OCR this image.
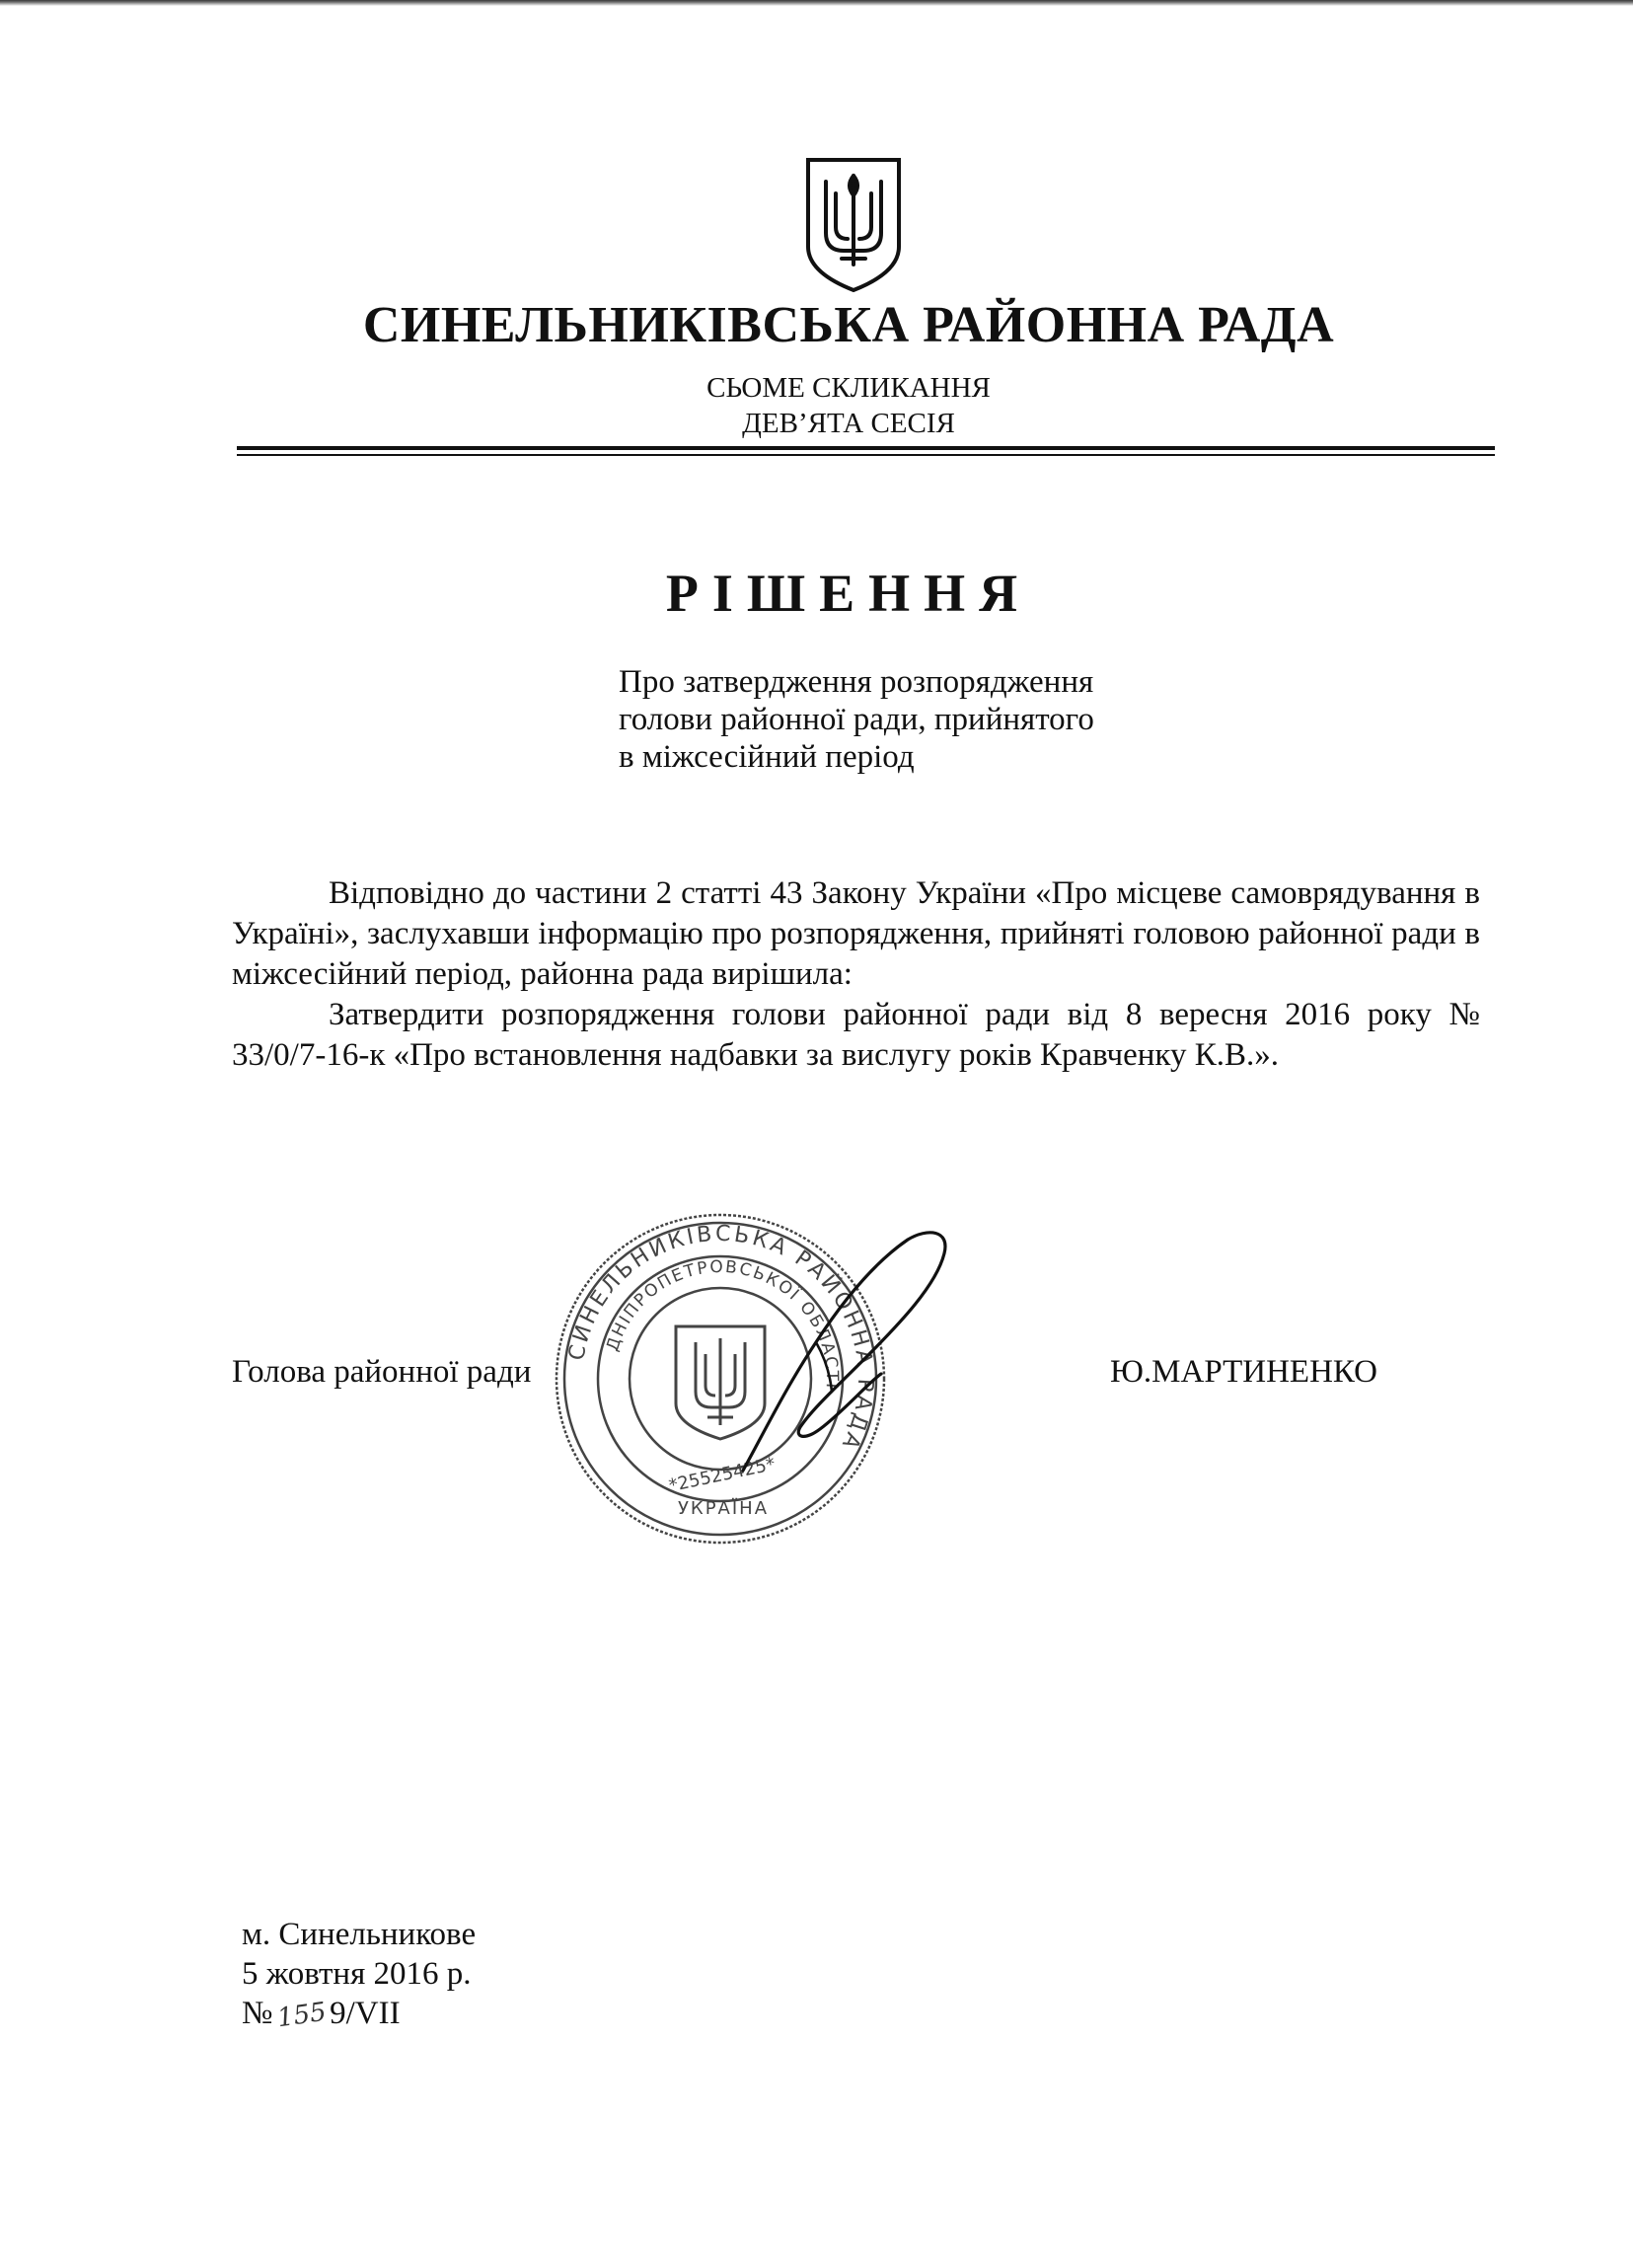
СИНЕЛЬНИКІВСЬКА РАЙОННА РАДА
СЬОМЕ СКЛИКАННЯ
ДЕВ’ЯТА СЕСІЯ
РІШЕННЯ
Про затвердження розпорядження
голови районної ради, прийнятого
в міжсесійний період

Відповідно до частини 2 статті 43 Закону України «Про місцеве самоврядування в Україні», заслухавши інформацію про розпорядження, прийняті головою районної ради в міжсесійний період, районна рада вирішила:

Затвердити розпорядження голови районної ради від 8 вересня 2016 року № 33/0/7-16-к «Про встановлення надбавки за вислугу років Кравченку К.В.».

СИНЕЛЬНИКІВСЬКА РАЙОННА РАДА
ДНІПРОПЕТРОВСЬКОЇ ОБЛАСТІ
*25525425*
УКРАЇНА
Голова районної ради	Ю.МАРТИНЕНКО
м. Синельникове
5 жовтня 2016 р.
№1559/VII
